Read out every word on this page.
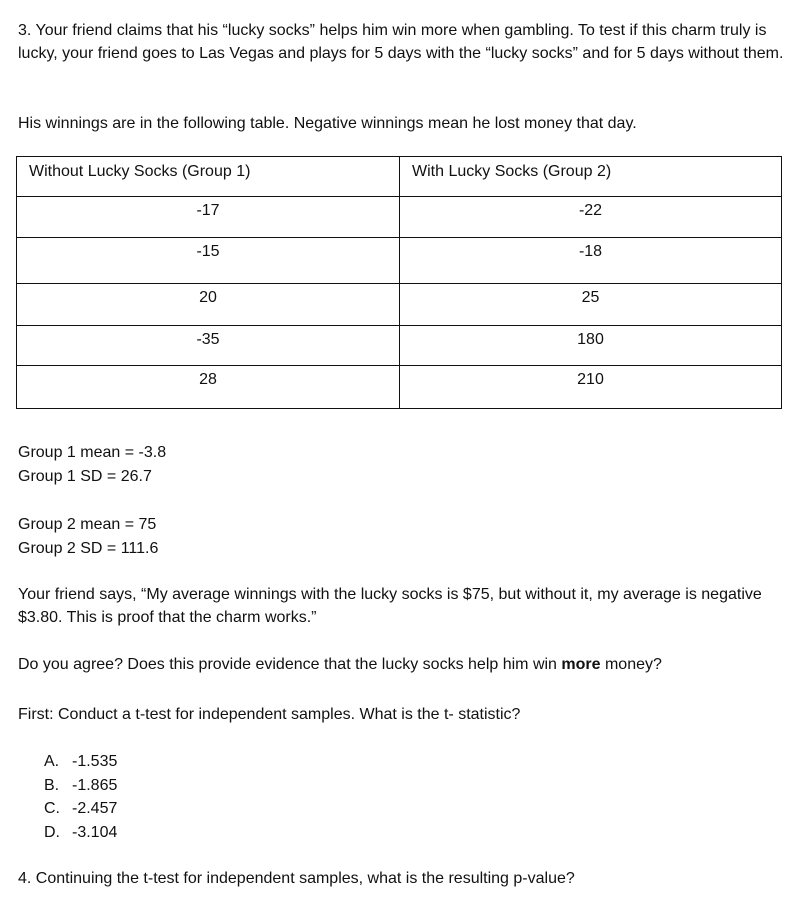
3. Your friend claims that his “lucky socks” helps him win more when gambling. To test if this charm truly is lucky, your friend goes to Las Vegas and plays for 5 days with the “lucky socks” and for 5 days without them.

His winnings are in the following table. Negative winnings mean he lost money that day.

Without Lucky Socks (Group 1)	With Lucky Socks (Group 2)
-17	-22
-15	-18
20	25
-35	180
28	210

Group 1 mean = -3.8

Group 1 SD = 26.7

Group 2 mean = 75

Group 2 SD = 111.6

Your friend says, “My average winnings with the lucky socks is $75, but without it, my average is negative $3.80. This is proof that the charm works.”

Do you agree? Does this provide evidence that the lucky socks help him win more money?

First: Conduct a t-test for independent samples. What is the t- statistic?

A. -1.535
B. -1.865
C. -2.457
D. -3.104

4. Continuing the t-test for independent samples, what is the resulting p-value?
